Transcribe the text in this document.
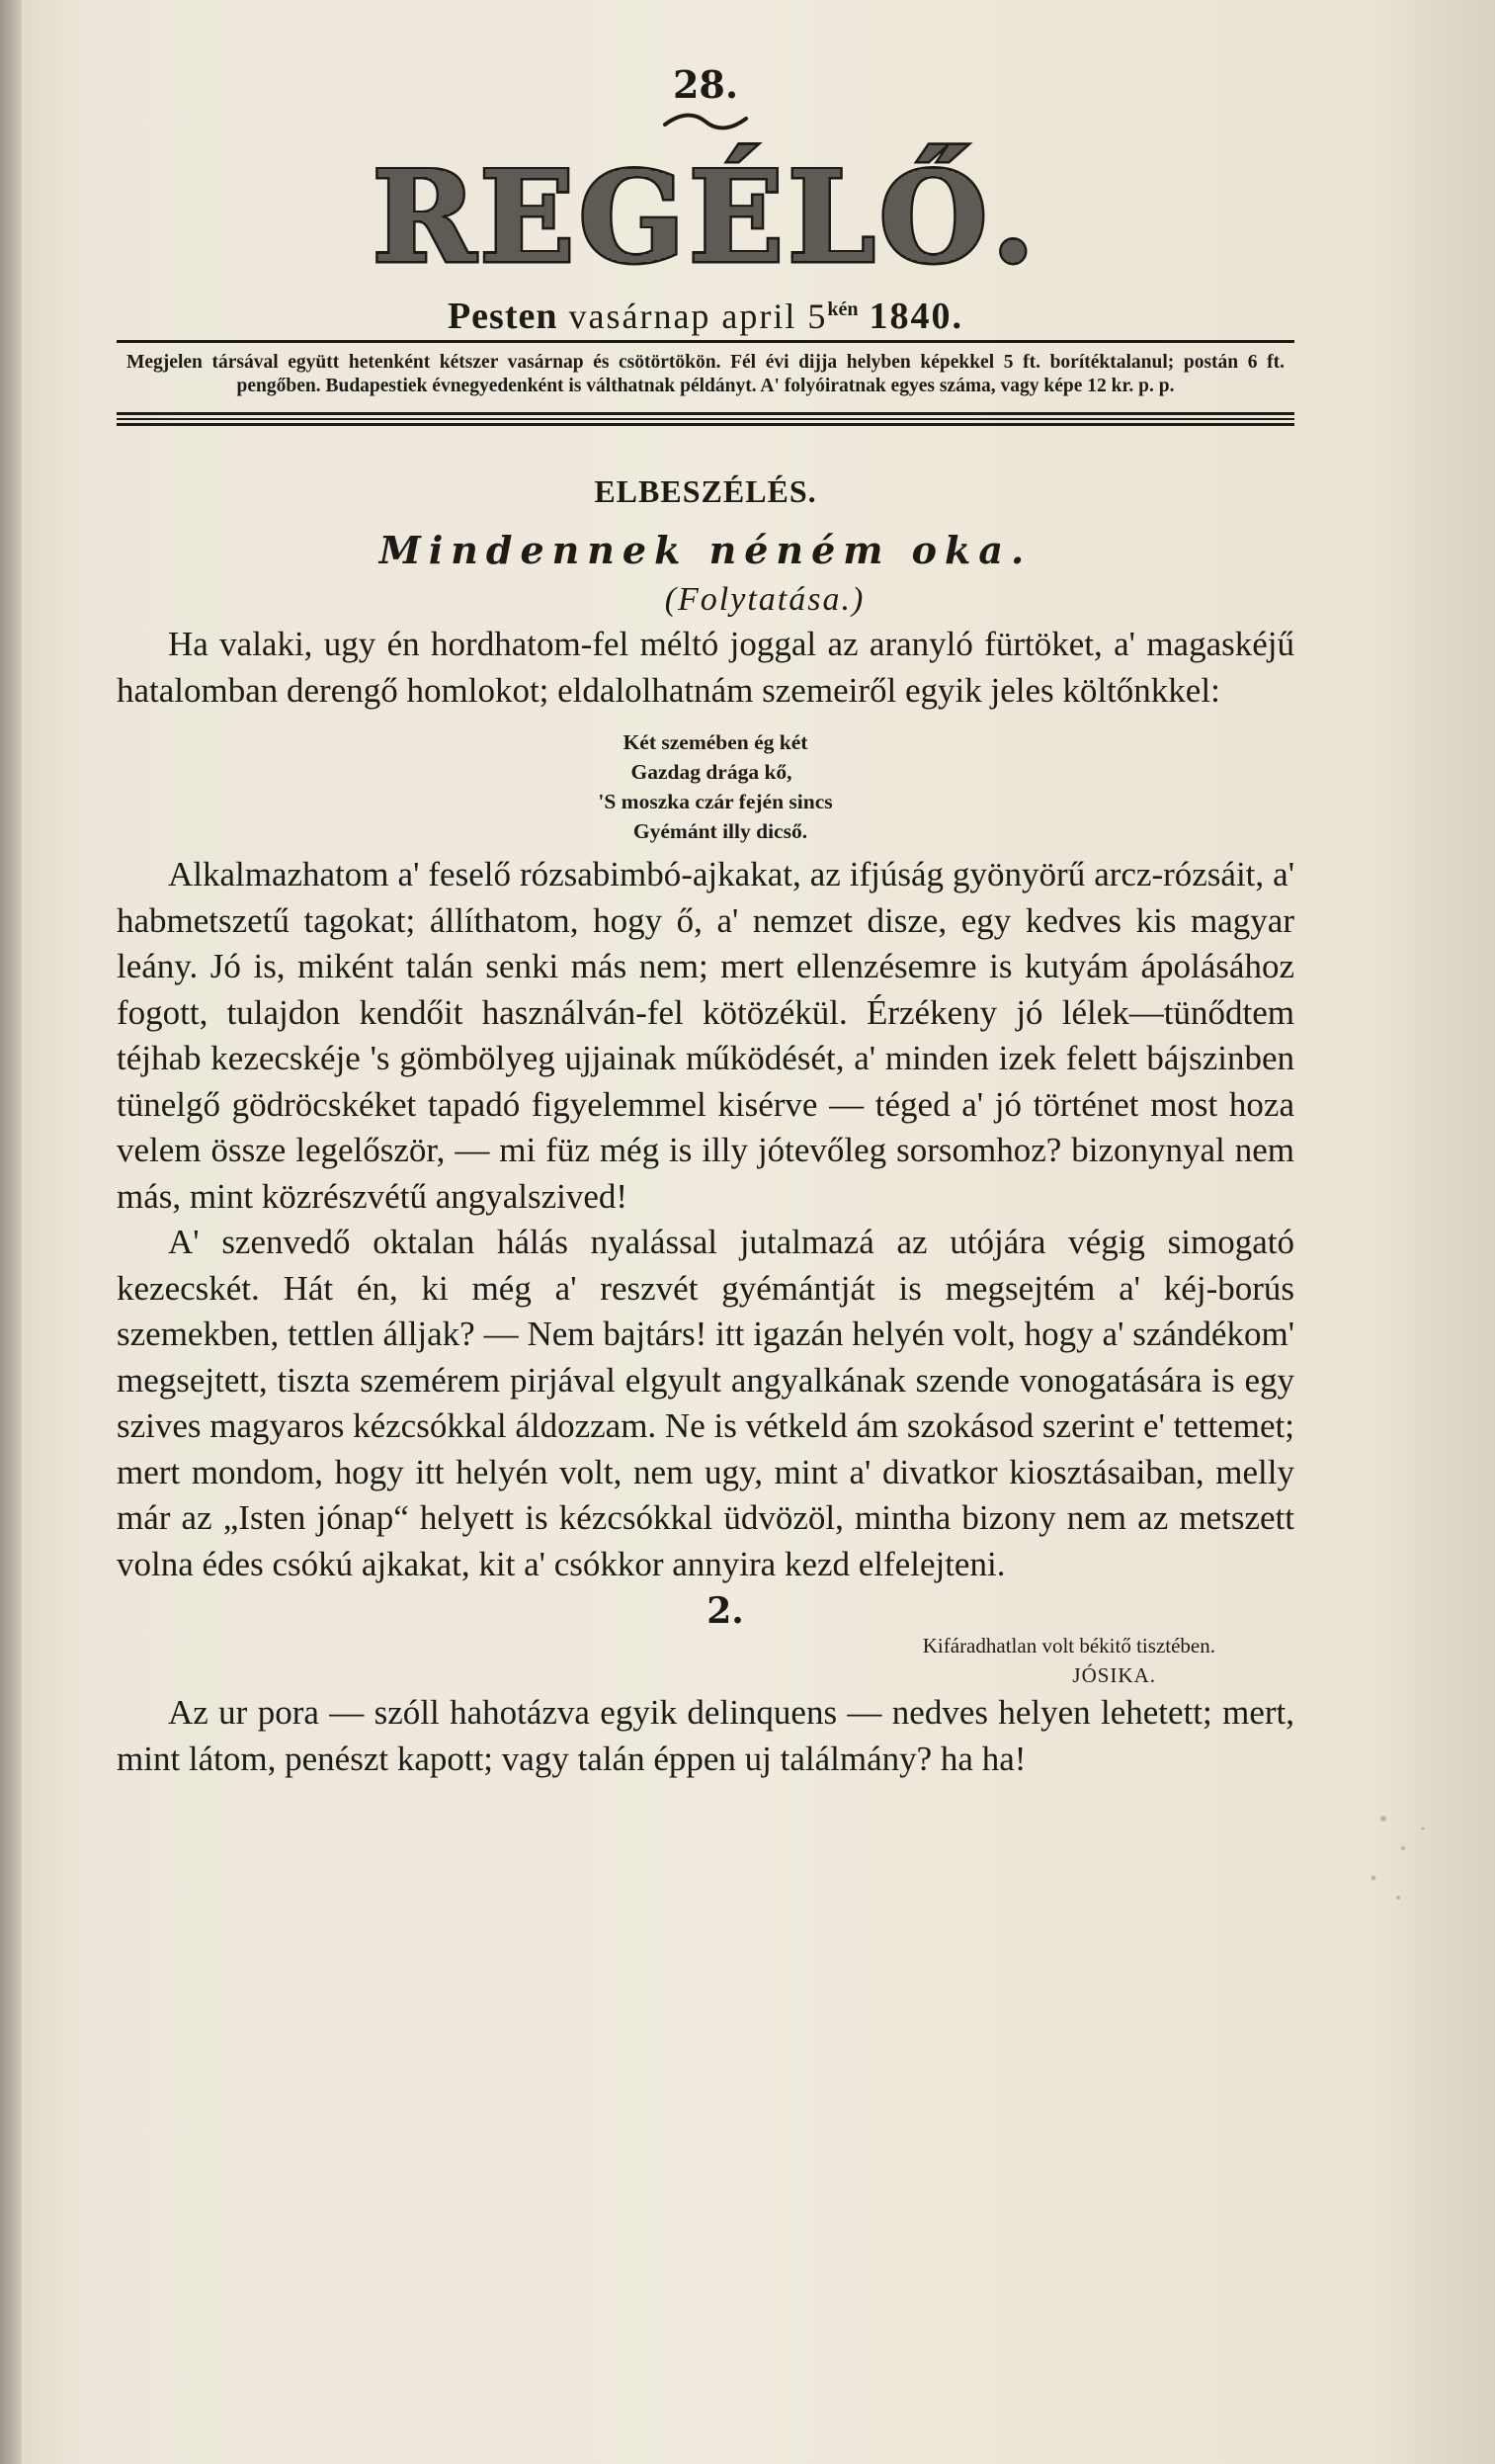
28.
REGÉLŐ.
Pesten vasárnap april $5^{kén}$ 1840.

Megjelen társával együtt hetenként kétszer vasárnap és csötörtökön. Fél évi dijja helyben képekkel 5 ft. borítéktalanul; postán 6 ft. pengőben. Budapestiek évnegyedenként is válthatnak példányt. A' folyóiratnak egyes száma, vagy képe 12 kr. p. p.

ELBESZÉLÉS.
Mindennek néném oka.
(Folytatása.)

Ha valaki, ugy én hordhatom-fel méltó joggal az aranyló fürtöket, a' magaskéjű hatalomban derengő homlokot; eldalolhatnám szemeiről egyik jeles költőnkkel:

Két szemében ég két
Gazdag drága kő,
'S moszka czár fején sincs
Gyémánt illy dicső.

Alkalmazhatom a' feselő rózsabimbó-ajkakat, az ifjúság gyönyörű arcz-rózsáit, a' habmetszetű tagokat; állíthatom, hogy ő, a' nemzet disze, egy kedves kis magyar leány. Jó is, miként talán senki más nem; mert ellenzésemre is kutyám ápolásához fogott, tulajdon kendőit használván-fel kötözékül. Érzékeny jó lélek—tünődtem téjhab kezecskéje 's gömbölyeg ujjainak működését, a' minden izek felett bájszinben tünelgő gödröcskéket tapadó figyelemmel kisérve — téged a' jó történet most hoza velem össze legelőször, — mi füz még is illy jótevőleg sorsomhoz? bizonynyal nem más, mint közrészvétű angyalszived!

A' szenvedő oktalan hálás nyalással jutalmazá az utójára végig simogató kezecskét. Hát én, ki még a' reszvét gyémántját is megsejtém a' kéj-borús szemekben, tettlen álljak? — Nem bajtárs! itt igazán helyén volt, hogy a' szándékom' megsejtett, tiszta szemérem pirjával elgyult angyalkának szende vonogatására is egy szives magyaros kézcsókkal áldozzam. Ne is vétkeld ám szokásod szerint e' tettemet; mert mondom, hogy itt helyén volt, nem ugy, mint a' divatkor kiosztásaiban, melly már az „Isten jónap“ helyett is kézcsókkal üdvözöl, mintha bizony nem az metszett volna édes csókú ajkakat, kit a' csókkor annyira kezd elfelejteni.

2.
Kifáradhatlan volt békitő tisztében.
JÓSIKA.

Az ur pora — szóll hahotázva egyik delinquens — nedves helyen lehetett; mert, mint látom, penészt kapott; vagy talán éppen uj találmány? ha ha!
